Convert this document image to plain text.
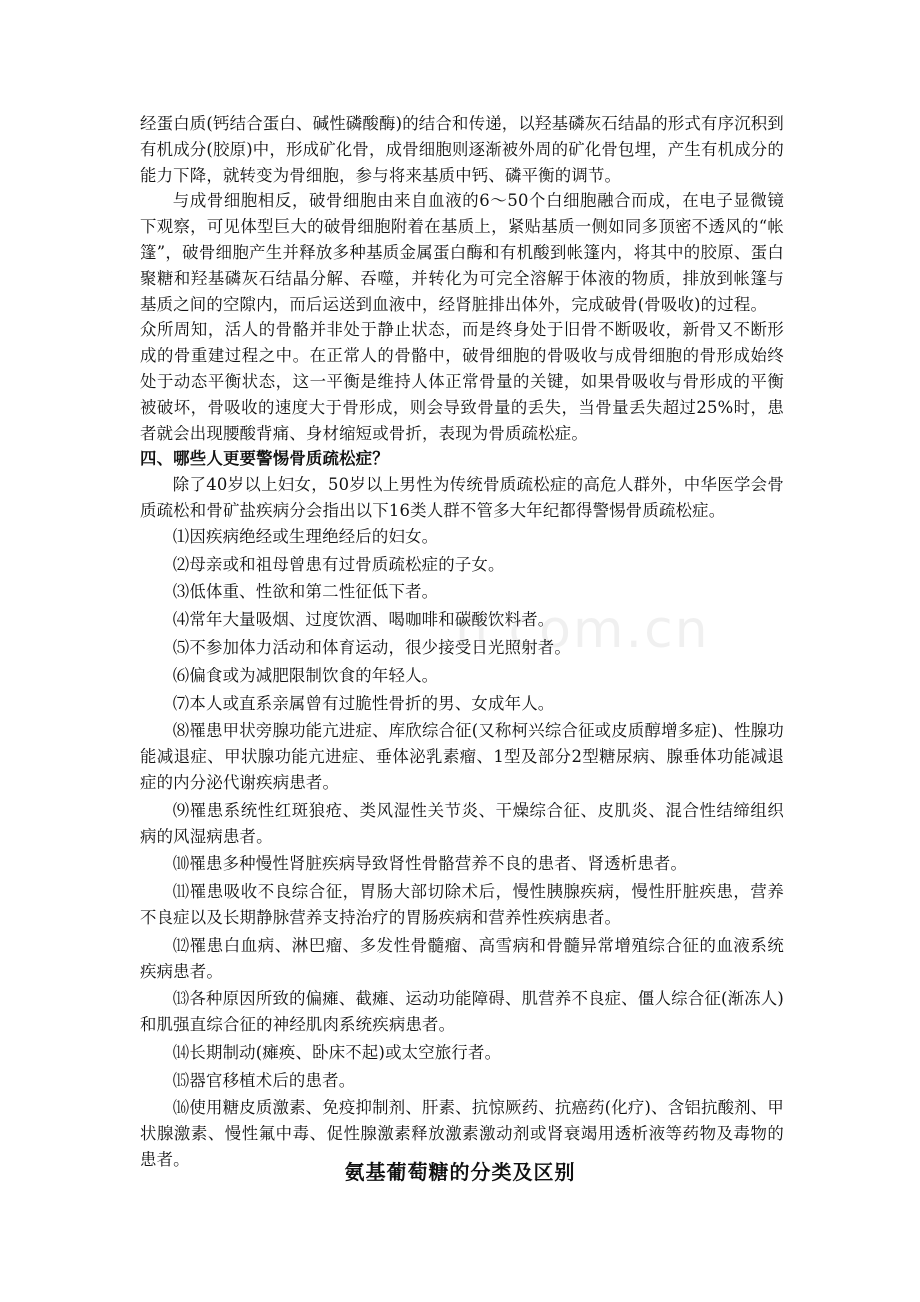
n.com.cn

经蛋白质(钙结合蛋白、碱性磷酸酶)的结合和传递，以羟基磷灰石结晶的形式有序沉积到有机成分(胶原)中，形成矿化骨，成骨细胞则逐渐被外周的矿化骨包埋，产生有机成分的能力下降，就转变为骨细胞，参与将来基质中钙、磷平衡的调节。

与成骨细胞相反，破骨细胞由来自血液的6～50个白细胞融合而成，在电子显微镜下观察，可见体型巨大的破骨细胞附着在基质上，紧贴基质一侧如同多顶密不透风的“帐篷”，破骨细胞产生并释放多种基质金属蛋白酶和有机酸到帐篷内，将其中的胶原、蛋白聚糖和羟基磷灰石结晶分解、吞噬，并转化为可完全溶解于体液的物质，排放到帐篷与基质之间的空隙内，而后运送到血液中，经肾脏排出体外，完成破骨(骨吸收)的过程。

众所周知，活人的骨骼并非处于静止状态，而是终身处于旧骨不断吸收，新骨又不断形成的骨重建过程之中。在正常人的骨骼中，破骨细胞的骨吸收与成骨细胞的骨形成始终处于动态平衡状态，这一平衡是维持人体正常骨量的关键，如果骨吸收与骨形成的平衡被破坏，骨吸收的速度大于骨形成，则会导致骨量的丢失，当骨量丢失超过25%时，患者就会出现腰酸背痛、身材缩短或骨折，表现为骨质疏松症。

四、哪些人更要警惕骨质疏松症？

除了40岁以上妇女，50岁以上男性为传统骨质疏松症的高危人群外，中华医学会骨质疏松和骨矿盐疾病分会指出以下16类人群不管多大年纪都得警惕骨质疏松症。

⑴因疾病绝经或生理绝经后的妇女。
⑵母亲或和祖母曾患有过骨质疏松症的子女。
⑶低体重、性欲和第二性征低下者。
⑷常年大量吸烟、过度饮酒、喝咖啡和碳酸饮料者。
⑸不参加体力活动和体育运动，很少接受日光照射者。
⑹偏食或为减肥限制饮食的年轻人。
⑺本人或直系亲属曾有过脆性骨折的男、女成年人。
⑻罹患甲状旁腺功能亢进症、库欣综合征(又称柯兴综合征或皮质醇增多症)、性腺功能减退症、甲状腺功能亢进症、垂体泌乳素瘤、1型及部分2型糖尿病、腺垂体功能减退症的内分泌代谢疾病患者。
⑼罹患系统性红斑狼疮、类风湿性关节炎、干燥综合征、皮肌炎、混合性结缔组织病的风湿病患者。
⑽罹患多种慢性肾脏疾病导致肾性骨骼营养不良的患者、肾透析患者。
⑾罹患吸收不良综合征，胃肠大部切除术后，慢性胰腺疾病，慢性肝脏疾患，营养不良症以及长期静脉营养支持治疗的胃肠疾病和营养性疾病患者。
⑿罹患白血病、淋巴瘤、多发性骨髓瘤、高雪病和骨髓异常增殖综合征的血液系统疾病患者。
⒀各种原因所致的偏瘫、截瘫、运动功能障碍、肌营养不良症、僵人综合征(渐冻人)和肌强直综合征的神经肌肉系统疾病患者。
⒁长期制动(瘫痪、卧床不起)或太空旅行者。
⒂器官移植术后的患者。
⒃使用糖皮质激素、免疫抑制剂、肝素、抗惊厥药、抗癌药(化疗)、含铝抗酸剂、甲状腺激素、慢性氟中毒、促性腺激素释放激素激动剂或肾衰竭用透析液等药物及毒物的患者。
氨基葡萄糖的分类及区别
